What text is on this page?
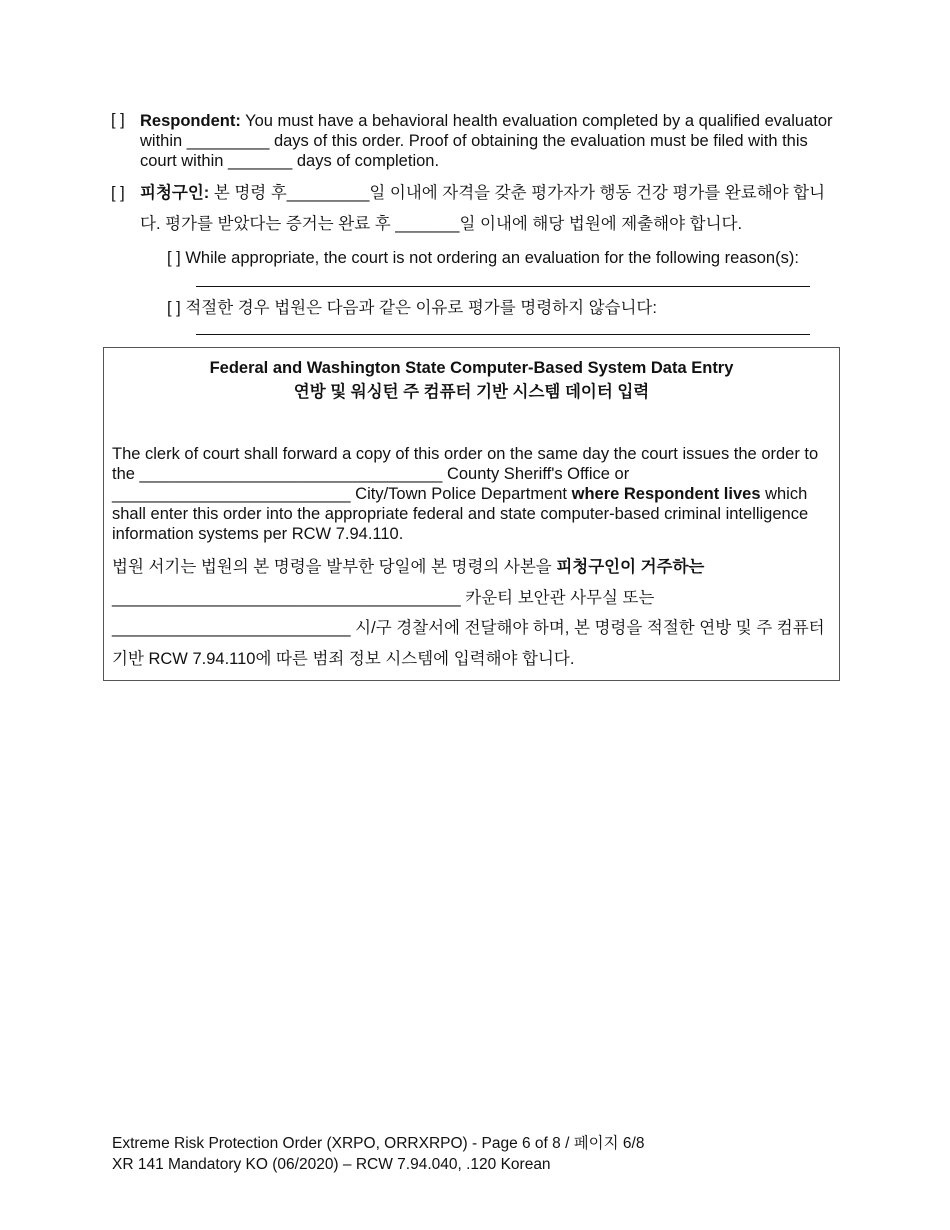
[ ] Respondent: You must have a behavioral health evaluation completed by a qualified evaluator within _________ days of this order. Proof of obtaining the evaluation must be filed with this court within _______ days of completion.
[ ] 피청구인: 본 명령 후_________일 이내에 자격을 갖춘 평가자가 행동 건강 평가를 완료해야 합니다. 평가를 받았다는 증거는 완료 후 _______일 이내에 해당 법원에 제출해야 합니다.
[ ] While appropriate, the court is not ordering an evaluation for the following reason(s):
[ ] 적절한 경우 법원은 다음과 같은 이유로 평가를 명령하지 않습니다:
Federal and Washington State Computer-Based System Data Entry
연방 및 워싱턴 주 컴퓨터 기반 시스템 데이터 입력
The clerk of court shall forward a copy of this order on the same day the court issues the order to the _________________________________ County Sheriff's Office or
__________________________ City/Town Police Department where Respondent lives which shall enter this order into the appropriate federal and state computer-based criminal intelligence information systems per RCW 7.94.110.
법원 서기는 법원의 본 명령을 발부한 당일에 본 명령의 사본을 피청구인이 거주하는
______________________________________ 카운티 보안관 사무실 또는
__________________________ 시/구 경찰서에 전달해야 하며, 본 명령을 적절한 연방 및 주 컴퓨터 기반 RCW 7.94.110에 따른 범죄 정보 시스템에 입력해야 합니다.
Extreme Risk Protection Order (XRPO, ORRXRPO) - Page 6 of 8 / 페이지 6/8
XR 141 Mandatory KO (06/2020) – RCW 7.94.040, .120 Korean
